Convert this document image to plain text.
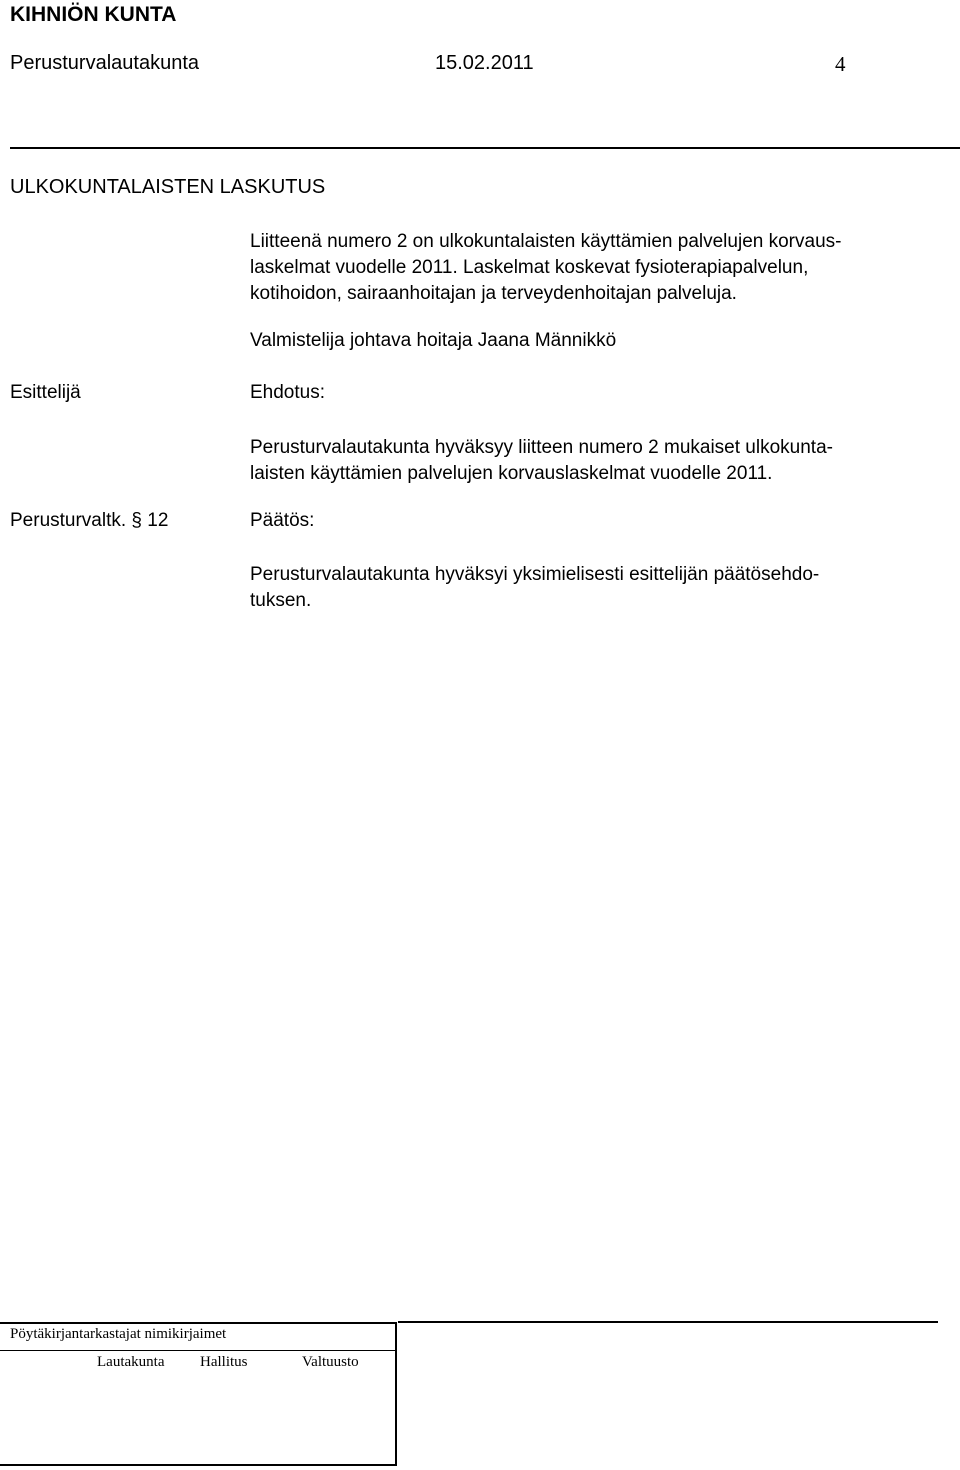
KIHNIÖN KUNTA
Perusturvalautakunta	15.02.2011	4
ULKOKUNTALAISTEN LASKUTUS
Liitteenä numero 2 on ulkokuntalaisten käyttämien palvelujen korvaus-
laskelmat vuodelle 2011. Laskelmat koskevat fysioterapiapalvelun,
kotihoidon, sairaanhoitajan ja terveydenhoitajan palveluja.
Valmistelija johtava hoitaja Jaana Männikkö
Esittelijä	Ehdotus:
Perusturvalautakunta hyväksyy liitteen numero 2 mukaiset ulkokunta-
laisten käyttämien palvelujen korvauslaskelmat vuodelle 2011.
Perusturvaltk. § 12	Päätös:
Perusturvalautakunta hyväksyi yksimielisesti esittelijän päätösehdo-
tuksen.
Pöytäkirjantarkastajat nimikirjaimet
Lautakunta Hallitus	Valtuusto
